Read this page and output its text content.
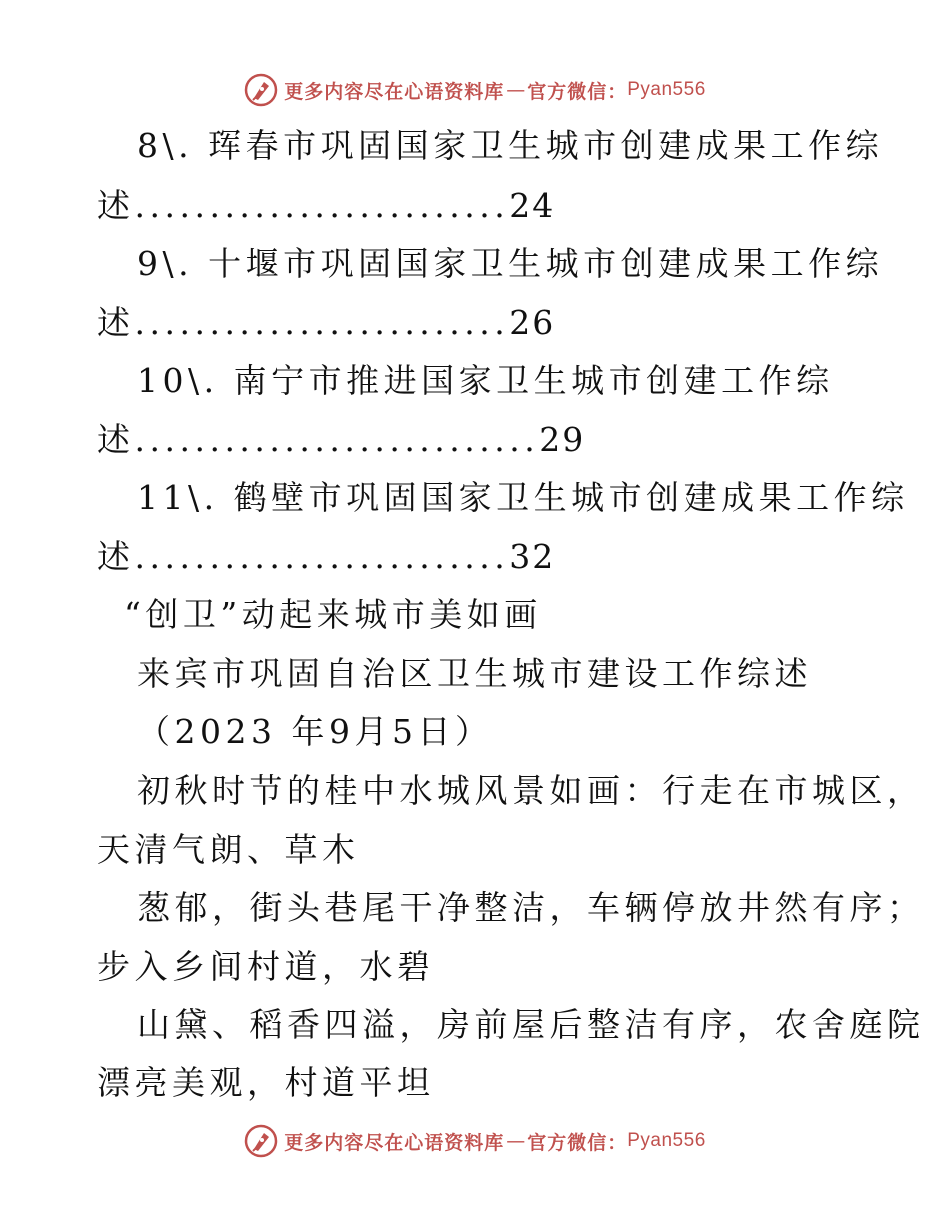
更多内容尽在心语资料库 — 官方微信： Pyan556
8\. 珲春市巩固国家卫生城市创建成果工作综
述.........................24
9\. 十堰市巩固国家卫生城市创建成果工作综
述.........................26
10\. 南宁市推进国家卫生城市创建工作综
述...........................29
11\. 鹤壁市巩固国家卫生城市创建成果工作综
述.........................32
“创卫”动起来城市美如画
来宾市巩固自治区卫生城市建设工作综述
（2023 年9月5日）
初秋时节的桂中水城风景如画：行走在市城区，
天清气朗、草木
葱郁，街头巷尾干净整洁，车辆停放井然有序；
步入乡间村道，水碧
山黛、稻香四溢，房前屋后整洁有序，农舍庭院
漂亮美观，村道平坦
更多内容尽在心语资料库 — 官方微信： Pyan556
